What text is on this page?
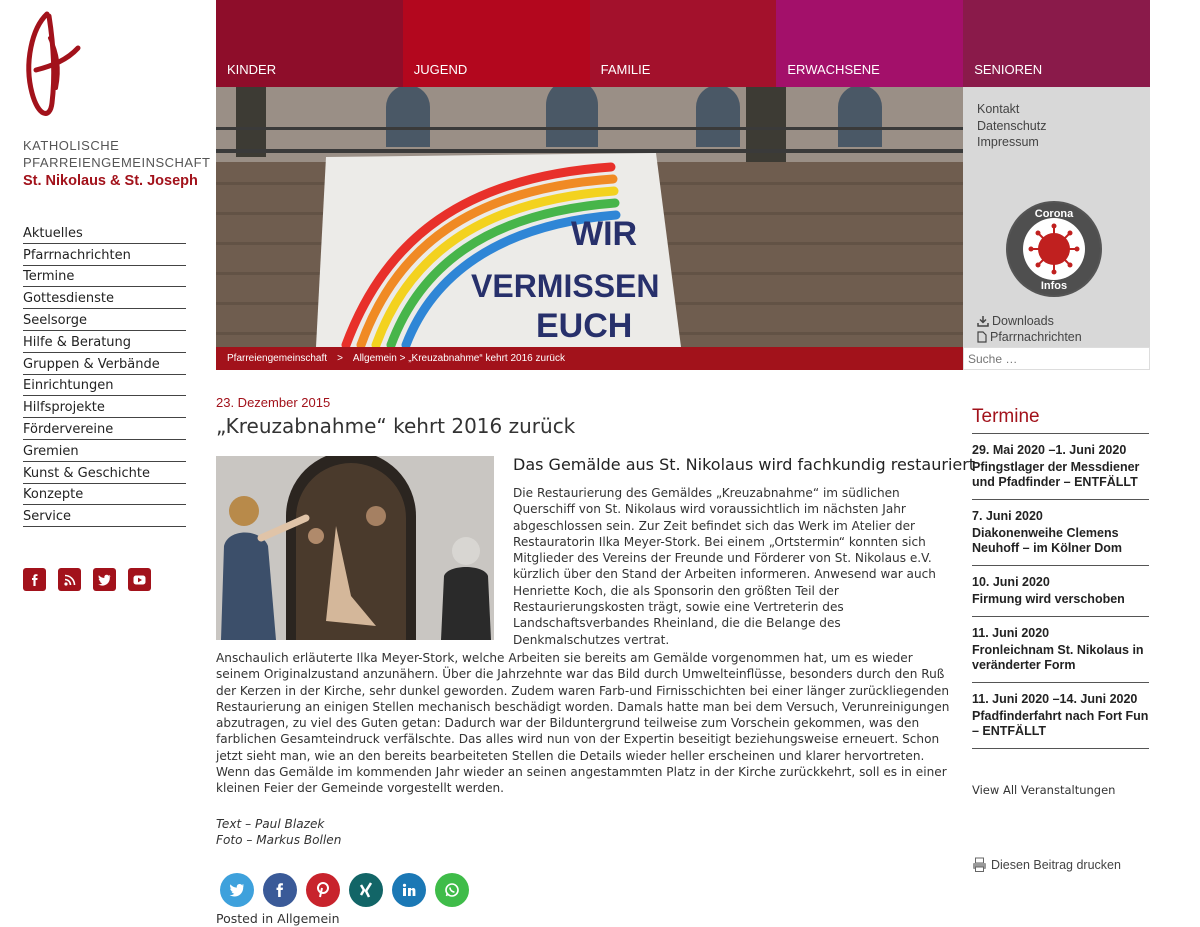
KATHOLISCHE
PFARREIENGEMEINSCHAFT
St. Nikolaus & St. Joseph
Aktuelles
Pfarrnachrichten
Termine
Gottesdienste
Seelsorge
Hilfe & Beratung
Gruppen & Verbände
Einrichtungen
Hilfsprojekte
Fördervereine
Gremien
Kunst & Geschichte
Konzepte
Service
KINDER	JUGEND	FAMILIE	ERWACHSENE	SENIOREN
WIR
VERMISSEN
EUCH
Pfarreiengemeinschaft > Allgemein > „Kreuzabnahme“ kehrt 2016 zurück
Kontakt
Datenschutz
Impressum
Corona
Infos
Downloads
Pfarrnachrichten
Suche …
23. Dezember 2015
„Kreuzabnahme“ kehrt 2016 zurück
Das Gemälde aus St. Nikolaus wird fachkundig restauriert

Die Restaurierung des Gemäldes „Kreuzabnahme“ im südlichen Querschiff von St. Nikolaus wird voraussichtlich im nächsten Jahr abgeschlossen sein. Zur Zeit befindet sich das Werk im Atelier der Restauratorin Ilka Meyer-Stork. Bei einem „Ortstermin“ konnten sich Mitglieder des Vereins der Freunde und Förderer von St. Nikolaus e.V. kürzlich über den Stand der Arbeiten informeren. Anwesend war auch Henriette Koch, die als Sponsorin den größten Teil der Restaurierungskosten trägt, sowie eine Vertreterin des Landschaftsverbandes Rheinland, die die Belange des Denkmalschutzes vertrat.

Anschaulich erläuterte Ilka Meyer-Stork, welche Arbeiten sie bereits am Gemälde vorgenommen hat, um es wieder seinem Originalzustand anzunähern. Über die Jahrzehnte war das Bild durch Umwelteinflüsse, besonders durch den Ruß der Kerzen in der Kirche, sehr dunkel geworden. Zudem waren Farb-und Firnisschichten bei einer länger zurückliegenden Restaurierung an einigen Stellen mechanisch beschädigt worden. Damals hatte man bei dem Versuch, Verunreinigungen abzutragen, zu viel des Guten getan: Dadurch war der Bilduntergrund teilweise zum Vorschein gekommen, was den farblichen Gesamteindruck verfälschte. Das alles wird nun von der Expertin beseitigt beziehungsweise erneuert. Schon jetzt sieht man, wie an den bereits bearbeiteten Stellen die Details wieder heller erscheinen und klarer hervortreten.

Wenn das Gemälde im kommenden Jahr wieder an seinen angestammten Platz in der Kirche zurückkehrt, soll es in einer kleinen Feier der Gemeinde vorgestellt werden.

Text – Paul Blazek
Foto – Markus Bollen
Posted in Allgemein
Termine
29. Mai 2020 –1. Juni 2020
Pfingstlager der Messdiener und Pfadfinder – ENTFÄLLT
7. Juni 2020
Diakonenweihe Clemens Neuhoff – im Kölner Dom
10. Juni 2020
Firmung wird verschoben
11. Juni 2020
Fronleichnam St. Nikolaus in veränderter Form
11. Juni 2020 –14. Juni 2020
Pfadfinderfahrt nach Fort Fun – ENTFÄLLT
View All Veranstaltungen
Diesen Beitrag drucken
